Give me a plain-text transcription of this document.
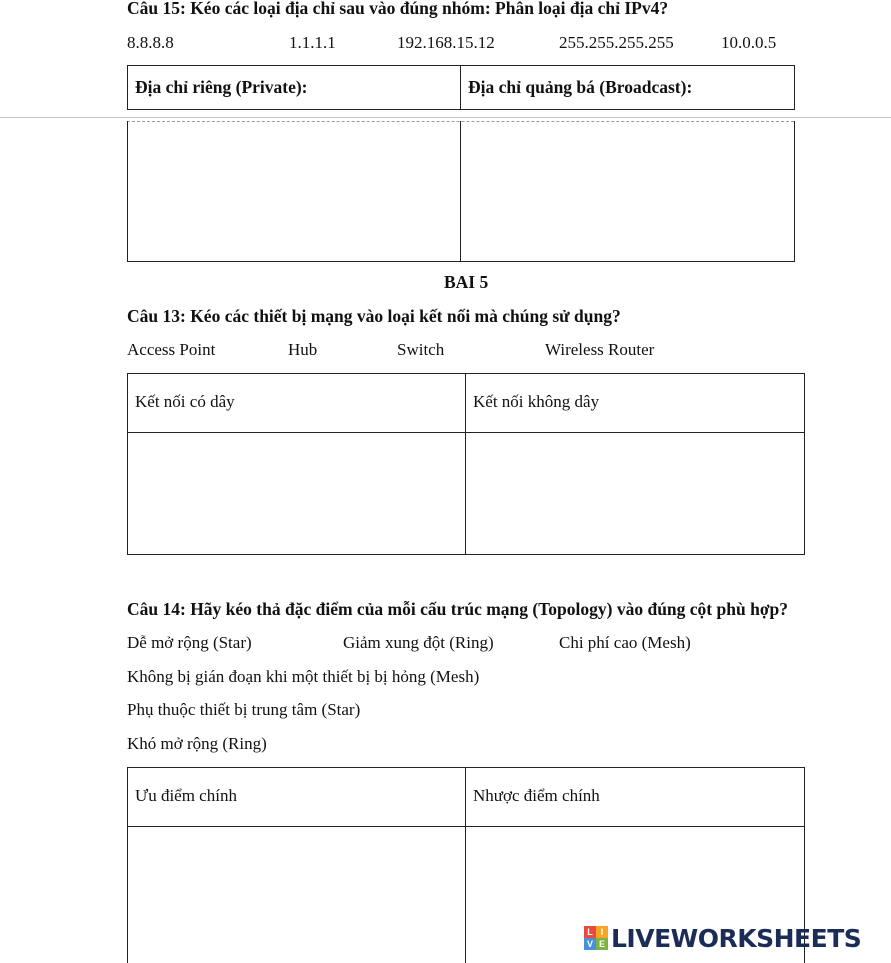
Câu 15: Kéo các loại địa chỉ sau vào đúng nhóm: Phân loại địa chỉ IPv4?
8.8.8.8	1.1.1.1	192.168.15.12	255.255.255.255	10.0.0.5
Địa chỉ riêng (Private):	Địa chỉ quảng bá (Broadcast):
BAI 5
Câu 13: Kéo các thiết bị mạng vào loại kết nối mà chúng sử dụng?
Access Point	Hub	Switch	Wireless Router
Kết nối có dây	Kết nối không dây
Câu 14: Hãy kéo thả đặc điểm của mỗi cấu trúc mạng (Topology) vào đúng cột phù hợp?
Dễ mở rộng (Star)	Giảm xung đột (Ring)	Chi phí cao (Mesh)
Không bị gián đoạn khi một thiết bị bị hỏng (Mesh)
Phụ thuộc thiết bị trung tâm (Star)
Khó mở rộng (Ring)
Ưu điểm chính	Nhược điểm chính
L I
V E LIVEWORKSHEETS
